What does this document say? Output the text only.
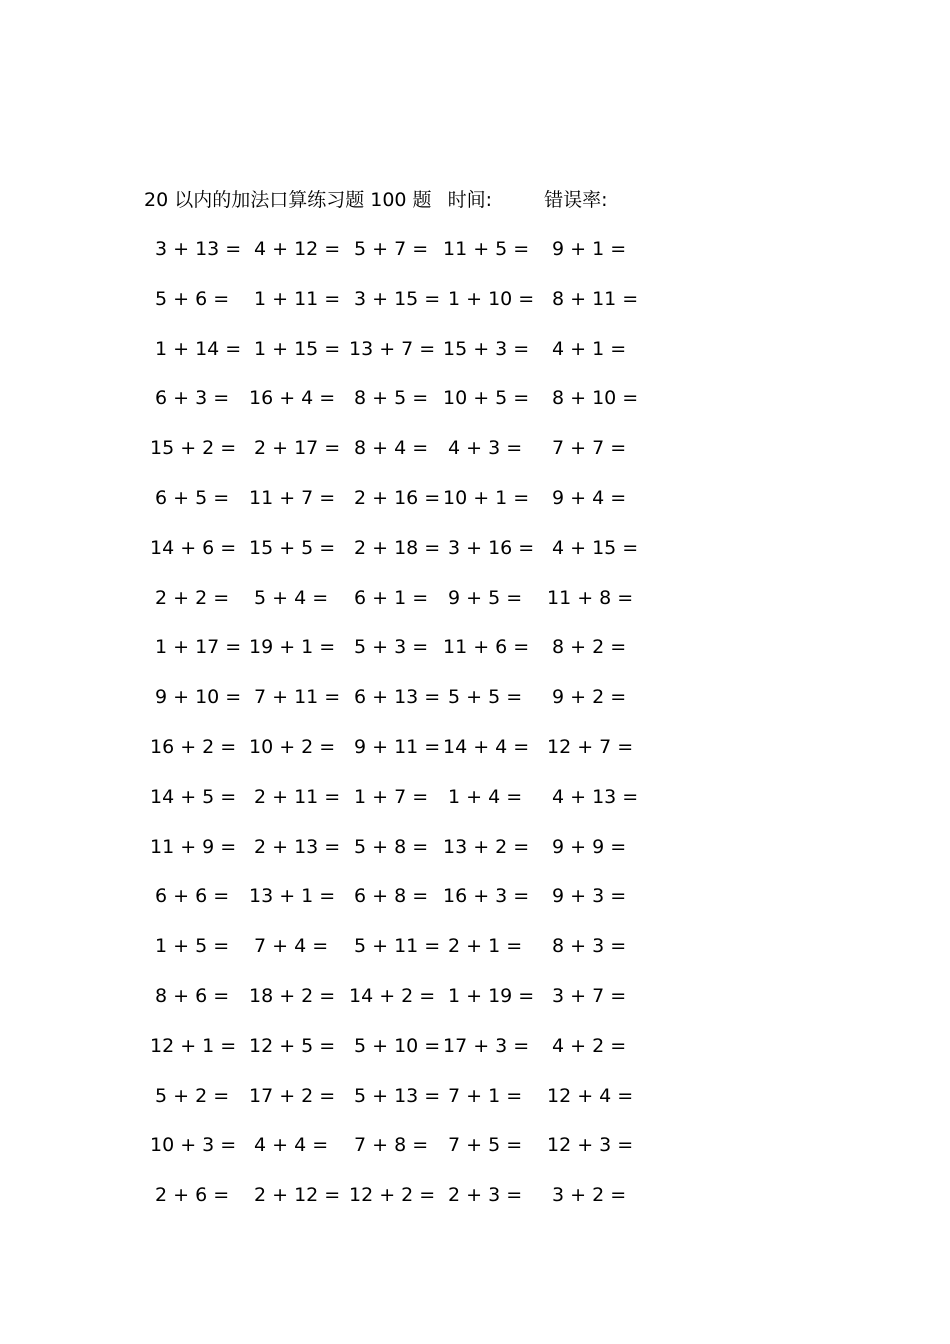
20 以内的加法口算练习题 100 题 时间:	错误率:
3 + 13 = 4 + 12 = 5 + 7 = 11 + 5 = 9 + 1 =
5 + 6 = 1 + 11 = 3 + 15 = 1 + 10 = 8 + 11 =
1 + 14 = 1 + 15 = 13 + 7 = 15 + 3 = 4 + 1 =
6 + 3 = 16 + 4 = 8 + 5 = 10 + 5 = 8 + 10 =
15 + 2 = 2 + 17 = 8 + 4 = 4 + 3 = 7 + 7 =
6 + 5 = 11 + 7 = 2 + 16 = 10 + 1 = 9 + 4 =
14 + 6 = 15 + 5 = 2 + 18 = 3 + 16 = 4 + 15 =
2 + 2 = 5 + 4 = 6 + 1 = 9 + 5 = 11 + 8 =
1 + 17 = 19 + 1 = 5 + 3 = 11 + 6 = 8 + 2 =
9 + 10 = 7 + 11 = 6 + 13 = 5 + 5 = 9 + 2 =
16 + 2 = 10 + 2 = 9 + 11 = 14 + 4 = 12 + 7 =
14 + 5 = 2 + 11 = 1 + 7 = 1 + 4 = 4 + 13 =
11 + 9 = 2 + 13 = 5 + 8 = 13 + 2 = 9 + 9 =
6 + 6 = 13 + 1 = 6 + 8 = 16 + 3 = 9 + 3 =
1 + 5 = 7 + 4 = 5 + 11 = 2 + 1 = 8 + 3 =
8 + 6 = 18 + 2 = 14 + 2 = 1 + 19 = 3 + 7 =
12 + 1 = 12 + 5 = 5 + 10 = 17 + 3 = 4 + 2 =
5 + 2 = 17 + 2 = 5 + 13 = 7 + 1 = 12 + 4 =
10 + 3 = 4 + 4 = 7 + 8 = 7 + 5 = 12 + 3 =
2 + 6 = 2 + 12 = 12 + 2 = 2 + 3 = 3 + 2 =
